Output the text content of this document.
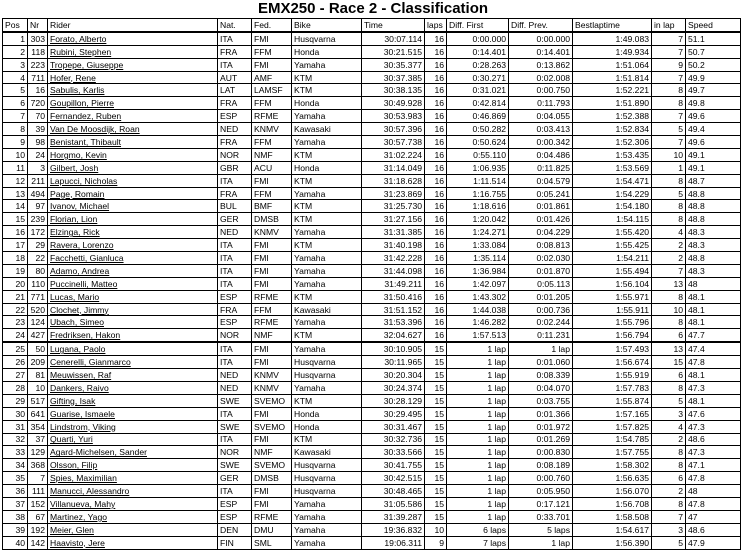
EMX250 - Race 2 - Classification
Pos	Nr	Rider	Nat.	Fed.	Bike	Time	laps	Diff. First	Diff. Prev.	Bestlaptime	in lap	Speed
1	303	Forato, Alberto	ITA	FMI	Husqvarna	30:07.114	16	0:00.000	0:00.000	1:49.083	7	51.1
2	118	Rubini, Stephen	FRA	FFM	Honda	30:21.515	16	0:14.401	0:14.401	1:49.934	7	50.7
3	223	Tropepe, Giuseppe	ITA	FMI	Yamaha	30:35.377	16	0:28.263	0:13.862	1:51.064	9	50.2
4	711	Hofer, Rene	AUT	AMF	KTM	30:37.385	16	0:30.271	0:02.008	1:51.814	7	49.9
5	16	Sabulis, Karlis	LAT	LAMSF	KTM	30:38.135	16	0:31.021	0:00.750	1:52.221	8	49.7
6	720	Goupillon, Pierre	FRA	FFM	Honda	30:49.928	16	0:42.814	0:11.793	1:51.890	8	49.8
7	70	Fernandez, Ruben	ESP	RFME	Yamaha	30:53.983	16	0:46.869	0:04.055	1:52.388	7	49.6
8	39	Van De Moosdijk, Roan	NED	KNMV	Kawasaki	30:57.396	16	0:50.282	0:03.413	1:52.834	5	49.4
9	98	Benistant, Thibault	FRA	FFM	Yamaha	30:57.738	16	0:50.624	0:00.342	1:52.306	7	49.6
10	24	Horgmo, Kevin	NOR	NMF	KTM	31:02.224	16	0:55.110	0:04.486	1:53.435	10	49.1
11	3	Gilbert, Josh	GBR	ACU	Honda	31:14.049	16	1:06.935	0:11.825	1:53.569	1	49.1
12	211	Lapucci, Nicholas	ITA	FMI	KTM	31:18.628	16	1:11.514	0:04.579	1:54.471	8	48.7
13	494	Page, Romain	FRA	FFM	Yamaha	31:23.869	16	1:16.755	0:05.241	1:54.229	5	48.8
14	97	Ivanov, Michael	BUL	BMF	KTM	31:25.730	16	1:18.616	0:01.861	1:54.180	8	48.8
15	239	Florian, Lion	GER	DMSB	KTM	31:27.156	16	1:20.042	0:01.426	1:54.115	8	48.8
16	172	Elzinga, Rick	NED	KNMV	Yamaha	31:31.385	16	1:24.271	0:04.229	1:55.420	4	48.3
17	29	Ravera, Lorenzo	ITA	FMI	KTM	31:40.198	16	1:33.084	0:08.813	1:55.425	2	48.3
18	22	Facchetti, Gianluca	ITA	FMI	Yamaha	31:42.228	16	1:35.114	0:02.030	1:54.211	2	48.8
19	80	Adamo, Andrea	ITA	FMI	Yamaha	31:44.098	16	1:36.984	0:01.870	1:55.494	7	48.3
20	110	Puccinelli, Matteo	ITA	FMI	Yamaha	31:49.211	16	1:42.097	0:05.113	1:56.104	13	48
21	771	Lucas, Mario	ESP	RFME	KTM	31:50.416	16	1:43.302	0:01.205	1:55.971	8	48.1
22	520	Clochet, Jimmy	FRA	FFM	Kawasaki	31:51.152	16	1:44.038	0:00.736	1:55.911	10	48.1
23	124	Ubach, Simeo	ESP	RFME	Yamaha	31:53.396	16	1:46.282	0:02.244	1:55.796	8	48.1
24	427	Fredriksen, Hakon	NOR	NMF	KTM	32:04.627	16	1:57.513	0:11.231	1:56.794	6	47.7
25	50	Lugana, Paolo	ITA	FMI	Yamaha	30:10.905	15	1 lap	1 lap	1:57.493	13	47.4
26	209	Cenerelli, Gianmarco	ITA	FMI	Husqvarna	30:11.965	15	1 lap	0:01.060	1:56.674	15	47.8
27	81	Meuwissen, Raf	NED	KNMV	Husqvarna	30:20.304	15	1 lap	0:08.339	1:55.919	6	48.1
28	10	Dankers, Raivo	NED	KNMV	Yamaha	30:24.374	15	1 lap	0:04.070	1:57.783	8	47.3
29	517	Gifting, Isak	SWE	SVEMO	KTM	30:28.129	15	1 lap	0:03.755	1:55.874	5	48.1
30	641	Guarise, Ismaele	ITA	FMI	Honda	30:29.495	15	1 lap	0:01.366	1:57.165	3	47.6
31	354	Lindstrom, Viking	SWE	SVEMO	Honda	30:31.467	15	1 lap	0:01.972	1:57.825	4	47.3
32	37	Quarti, Yuri	ITA	FMI	KTM	30:32.736	15	1 lap	0:01.269	1:54.785	2	48.6
33	129	Agard-Michelsen, Sander	NOR	NMF	Kawasaki	30:33.566	15	1 lap	0:00.830	1:57.755	8	47.3
34	368	Olsson, Filip	SWE	SVEMO	Husqvarna	30:41.755	15	1 lap	0:08.189	1:58.302	8	47.1
35	7	Spies, Maximilian	GER	DMSB	Husqvarna	30:42.515	15	1 lap	0:00.760	1:56.635	6	47.8
36	111	Manucci, Alessandro	ITA	FMI	Husqvarna	30:48.465	15	1 lap	0:05.950	1:56.070	2	48
37	152	Villanueva, Mahy	ESP	FMI	Yamaha	31:05.586	15	1 lap	0:17.121	1:56.708	8	47.8
38	67	Martinez, Yago	ESP	RFME	Yamaha	31:39.287	15	1 lap	0:33.701	1:58.508	7	47
39	192	Meier, Glen	DEN	DMU	Yamaha	19:36.832	10	6 laps	5 laps	1:54.617	3	48.6
40	142	Haavisto, Jere	FIN	SML	Yamaha	19:06.311	9	7 laps	1 lap	1:56.390	5	47.9
